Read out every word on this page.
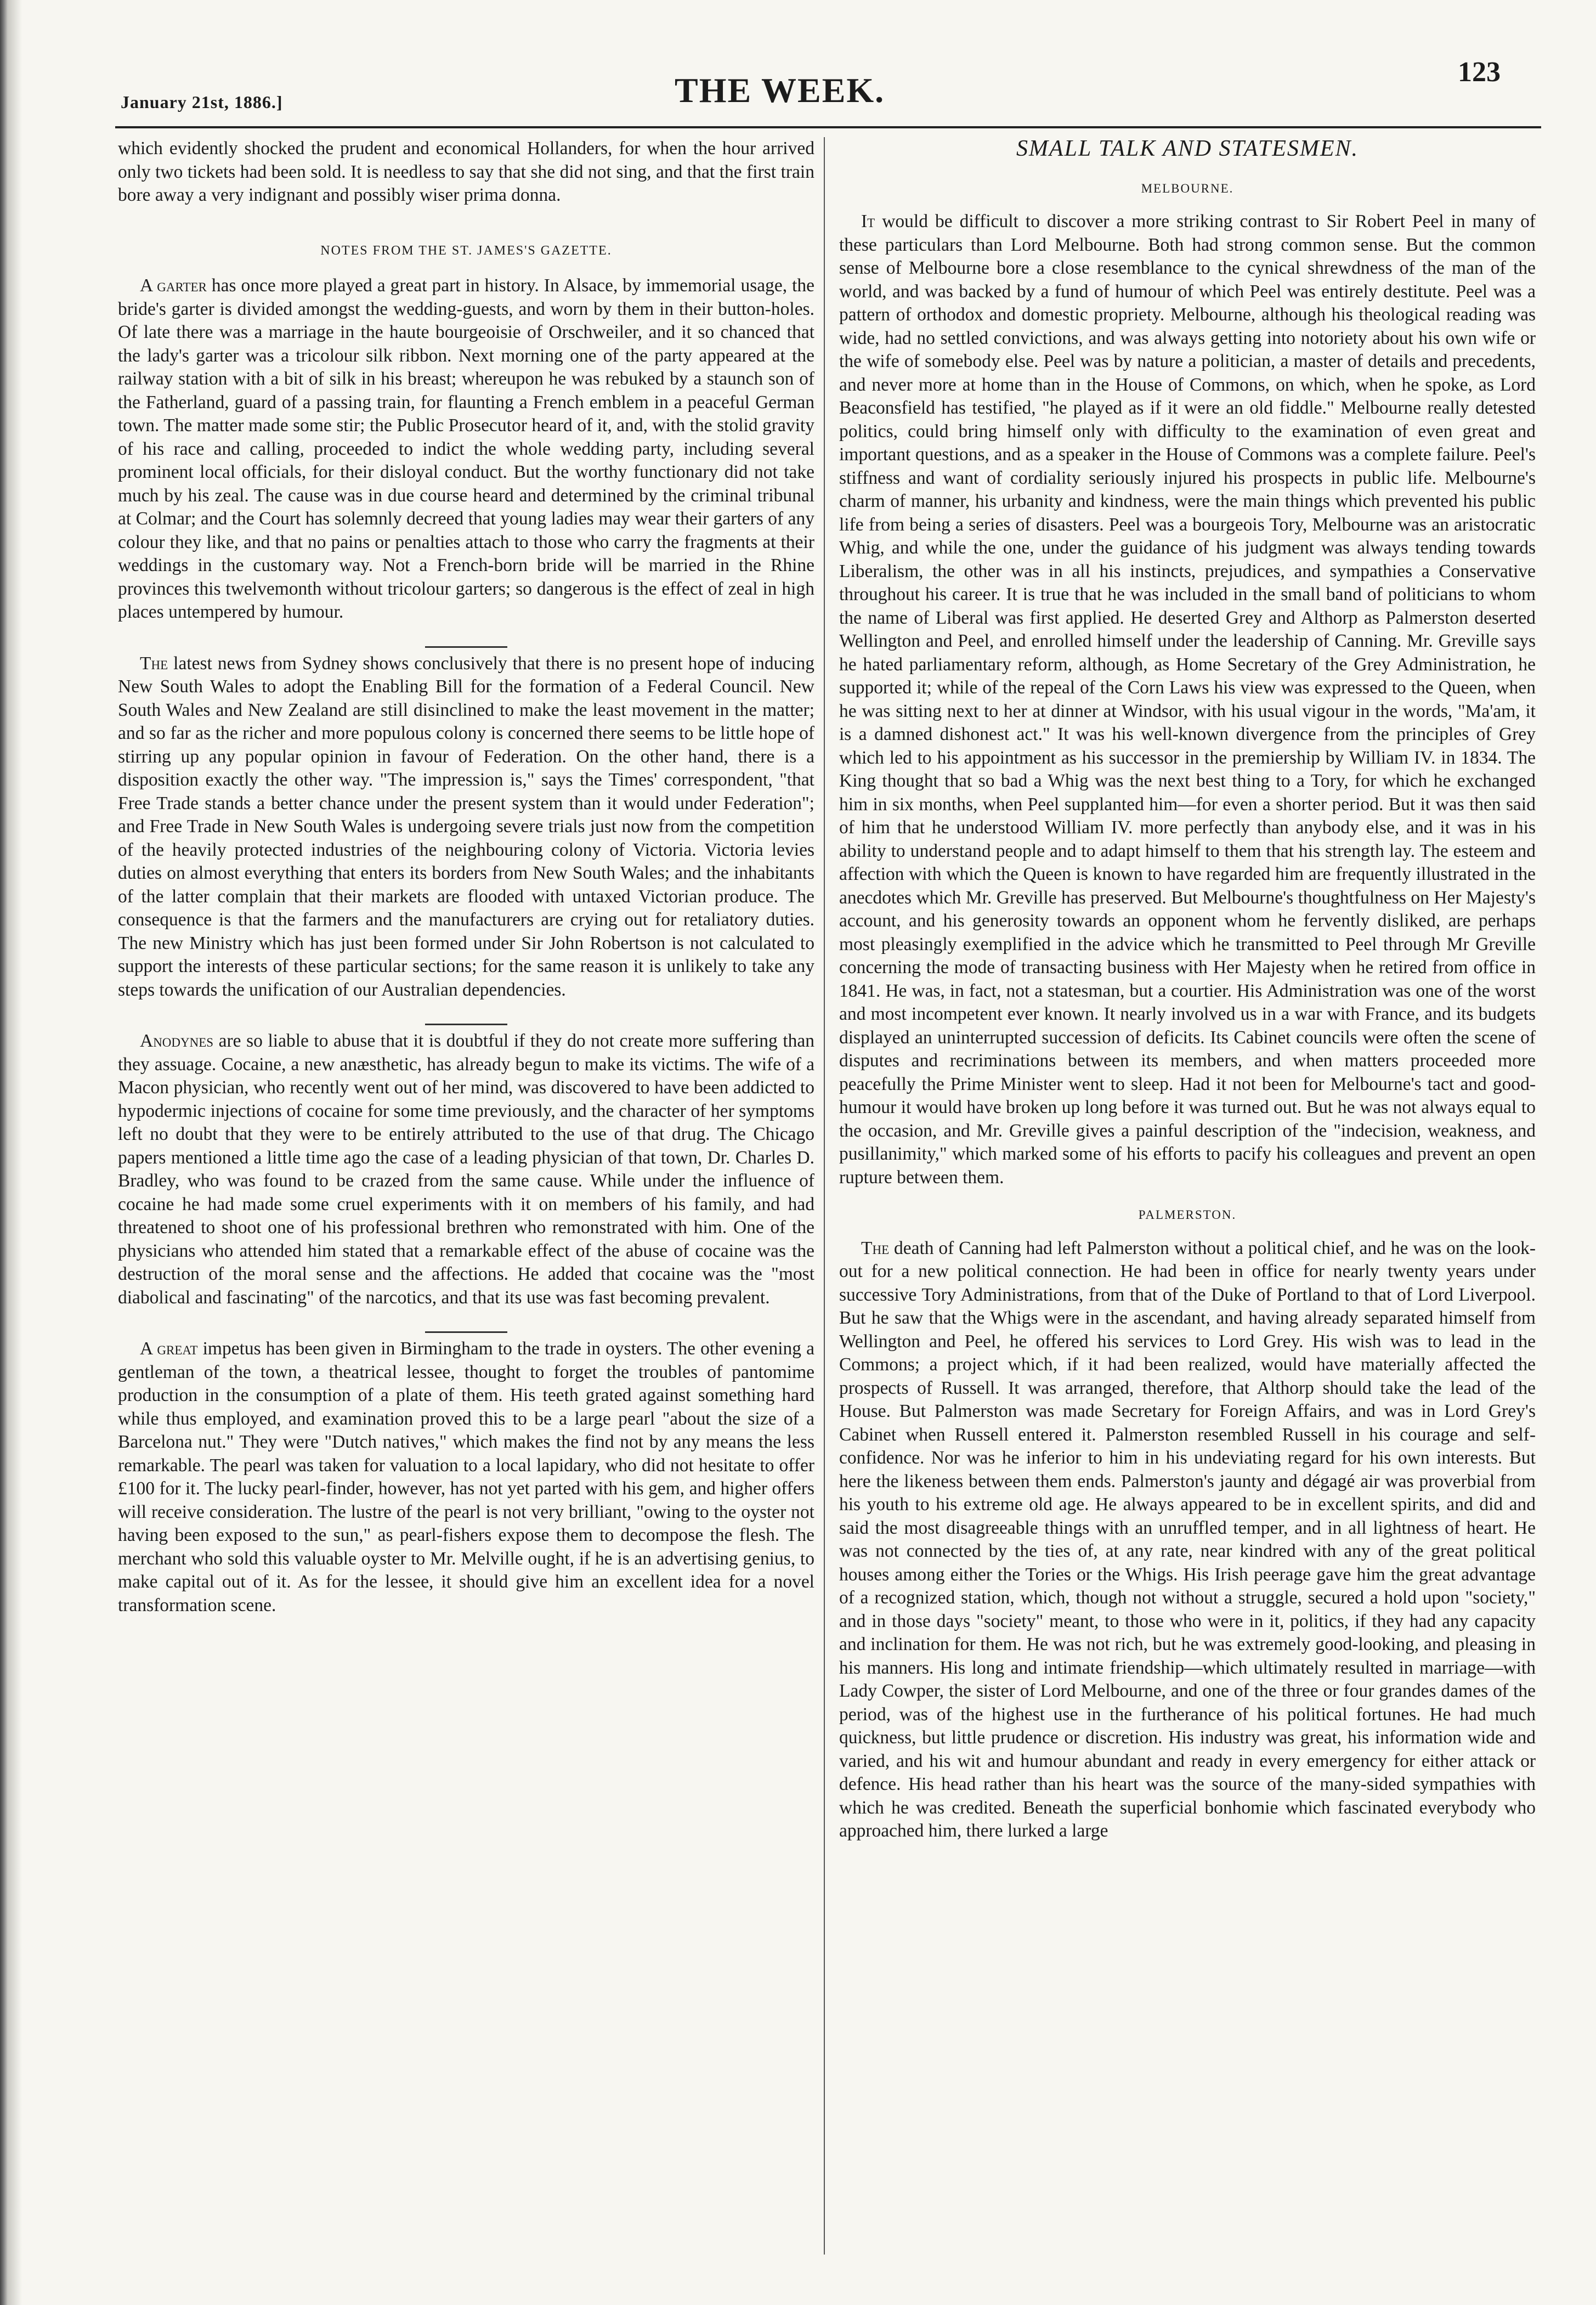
January 21st, 1886.]	THE WEEK.	123

which evidently shocked the prudent and economical Hollanders, for when the hour arrived only two tickets had been sold. It is needless to say that she did not sing, and that the first train bore away a very indignant and possibly wiser prima donna.

NOTES FROM THE ST. JAMES'S GAZETTE.

A garter has once more played a great part in history. In Alsace, by immemorial usage, the bride's garter is divided amongst the wedding-guests, and worn by them in their button-holes. Of late there was a marriage in the haute bourgeoisie of Orschweiler, and it so chanced that the lady's garter was a tricolour silk ribbon. Next morning one of the party appeared at the railway station with a bit of silk in his breast; whereupon he was rebuked by a staunch son of the Fatherland, guard of a passing train, for flaunting a French emblem in a peaceful German town. The matter made some stir; the Public Prosecutor heard of it, and, with the stolid gravity of his race and calling, proceeded to indict the whole wedding party, including several prominent local officials, for their disloyal conduct. But the worthy functionary did not take much by his zeal. The cause was in due course heard and determined by the criminal tribunal at Colmar; and the Court has solemnly decreed that young ladies may wear their garters of any colour they like, and that no pains or penalties attach to those who carry the fragments at their weddings in the customary way. Not a French-born bride will be married in the Rhine provinces this twelvemonth without tricolour garters; so dangerous is the effect of zeal in high places untempered by humour.

The latest news from Sydney shows conclusively that there is no present hope of inducing New South Wales to adopt the Enabling Bill for the formation of a Federal Council. New South Wales and New Zealand are still disinclined to make the least movement in the matter; and so far as the richer and more populous colony is concerned there seems to be little hope of stirring up any popular opinion in favour of Federation. On the other hand, there is a disposition exactly the other way. "The impression is," says the Times' correspondent, "that Free Trade stands a better chance under the present system than it would under Federation"; and Free Trade in New South Wales is undergoing severe trials just now from the competition of the heavily protected industries of the neighbouring colony of Victoria. Victoria levies duties on almost everything that enters its borders from New South Wales; and the inhabitants of the latter complain that their markets are flooded with untaxed Victorian produce. The consequence is that the farmers and the manufacturers are crying out for retaliatory duties. The new Ministry which has just been formed under Sir John Robertson is not calculated to support the interests of these particular sections; for the same reason it is unlikely to take any steps towards the unification of our Australian dependencies.

Anodynes are so liable to abuse that it is doubtful if they do not create more suffering than they assuage. Cocaine, a new anæsthetic, has already begun to make its victims. The wife of a Macon physician, who recently went out of her mind, was discovered to have been addicted to hypodermic injections of cocaine for some time previously, and the character of her symptoms left no doubt that they were to be entirely attributed to the use of that drug. The Chicago papers mentioned a little time ago the case of a leading physician of that town, Dr. Charles D. Bradley, who was found to be crazed from the same cause. While under the influence of cocaine he had made some cruel experiments with it on members of his family, and had threatened to shoot one of his professional brethren who remonstrated with him. One of the physicians who attended him stated that a remarkable effect of the abuse of cocaine was the destruction of the moral sense and the affections. He added that cocaine was the "most diabolical and fascinating" of the narcotics, and that its use was fast becoming prevalent.

A great impetus has been given in Birmingham to the trade in oysters. The other evening a gentleman of the town, a theatrical lessee, thought to forget the troubles of pantomime production in the consumption of a plate of them. His teeth grated against something hard while thus employed, and examination proved this to be a large pearl "about the size of a Barcelona nut." They were "Dutch natives," which makes the find not by any means the less remarkable. The pearl was taken for valuation to a local lapidary, who did not hesitate to offer £100 for it. The lucky pearl-finder, however, has not yet parted with his gem, and higher offers will receive consideration. The lustre of the pearl is not very brilliant, "owing to the oyster not having been exposed to the sun," as pearl-fishers expose them to decompose the flesh. The merchant who sold this valuable oyster to Mr. Melville ought, if he is an advertising genius, to make capital out of it. As for the lessee, it should give him an excellent idea for a novel transformation scene.

SMALL TALK AND STATESMEN.
MELBOURNE.

It would be difficult to discover a more striking contrast to Sir Robert Peel in many of these particulars than Lord Melbourne. Both had strong common sense. But the common sense of Melbourne bore a close resemblance to the cynical shrewdness of the man of the world, and was backed by a fund of humour of which Peel was entirely destitute. Peel was a pattern of orthodox and domestic propriety. Melbourne, although his theological reading was wide, had no settled convictions, and was always getting into notoriety about his own wife or the wife of somebody else. Peel was by nature a politician, a master of details and precedents, and never more at home than in the House of Commons, on which, when he spoke, as Lord Beaconsfield has testified, "he played as if it were an old fiddle." Melbourne really detested politics, could bring himself only with difficulty to the examination of even great and important questions, and as a speaker in the House of Commons was a complete failure. Peel's stiffness and want of cordiality seriously injured his prospects in public life. Melbourne's charm of manner, his urbanity and kindness, were the main things which prevented his public life from being a series of disasters. Peel was a bourgeois Tory, Melbourne was an aristocratic Whig, and while the one, under the guidance of his judgment was always tending towards Liberalism, the other was in all his instincts, prejudices, and sympathies a Conservative throughout his career. It is true that he was included in the small band of politicians to whom the name of Liberal was first applied. He deserted Grey and Althorp as Palmerston deserted Wellington and Peel, and enrolled himself under the leadership of Canning. Mr. Greville says he hated parliamentary reform, although, as Home Secretary of the Grey Administration, he supported it; while of the repeal of the Corn Laws his view was expressed to the Queen, when he was sitting next to her at dinner at Windsor, with his usual vigour in the words, "Ma'am, it is a damned dishonest act." It was his well-known divergence from the principles of Grey which led to his appointment as his successor in the premiership by William IV. in 1834. The King thought that so bad a Whig was the next best thing to a Tory, for which he exchanged him in six months, when Peel supplanted him—for even a shorter period. But it was then said of him that he understood William IV. more perfectly than anybody else, and it was in his ability to understand people and to adapt himself to them that his strength lay. The esteem and affection with which the Queen is known to have regarded him are frequently illustrated in the anecdotes which Mr. Greville has preserved. But Melbourne's thoughtfulness on Her Majesty's account, and his generosity towards an opponent whom he fervently disliked, are perhaps most pleasingly exemplified in the advice which he transmitted to Peel through Mr Greville concerning the mode of transacting business with Her Majesty when he retired from office in 1841. He was, in fact, not a statesman, but a courtier. His Administration was one of the worst and most incompetent ever known. It nearly involved us in a war with France, and its budgets displayed an uninterrupted succession of deficits. Its Cabinet councils were often the scene of disputes and recriminations between its members, and when matters proceeded more peacefully the Prime Minister went to sleep. Had it not been for Melbourne's tact and good-humour it would have broken up long before it was turned out. But he was not always equal to the occasion, and Mr. Greville gives a painful description of the "indecision, weakness, and pusillanimity," which marked some of his efforts to pacify his colleagues and prevent an open rupture between them.

PALMERSTON.

The death of Canning had left Palmerston without a political chief, and he was on the look-out for a new political connection. He had been in office for nearly twenty years under successive Tory Administrations, from that of the Duke of Portland to that of Lord Liverpool. But he saw that the Whigs were in the ascendant, and having already separated himself from Wellington and Peel, he offered his services to Lord Grey. His wish was to lead in the Commons; a project which, if it had been realized, would have materially affected the prospects of Russell. It was arranged, therefore, that Althorp should take the lead of the House. But Palmerston was made Secretary for Foreign Affairs, and was in Lord Grey's Cabinet when Russell entered it. Palmerston resembled Russell in his courage and self-confidence. Nor was he inferior to him in his undeviating regard for his own interests. But here the likeness between them ends. Palmerston's jaunty and dégagé air was proverbial from his youth to his extreme old age. He always appeared to be in excellent spirits, and did and said the most disagreeable things with an unruffled temper, and in all lightness of heart. He was not connected by the ties of, at any rate, near kindred with any of the great political houses among either the Tories or the Whigs. His Irish peerage gave him the great advantage of a recognized station, which, though not without a struggle, secured a hold upon "society," and in those days "society" meant, to those who were in it, politics, if they had any capacity and inclination for them. He was not rich, but he was extremely good-looking, and pleasing in his manners. His long and intimate friendship—which ultimately resulted in marriage—with Lady Cowper, the sister of Lord Melbourne, and one of the three or four grandes dames of the period, was of the highest use in the furtherance of his political fortunes. He had much quickness, but little prudence or discretion. His industry was great, his information wide and varied, and his wit and humour abundant and ready in every emergency for either attack or defence. His head rather than his heart was the source of the many-sided sympathies with which he was credited. Beneath the superficial bonhomie which fascinated everybody who approached him, there lurked a large
